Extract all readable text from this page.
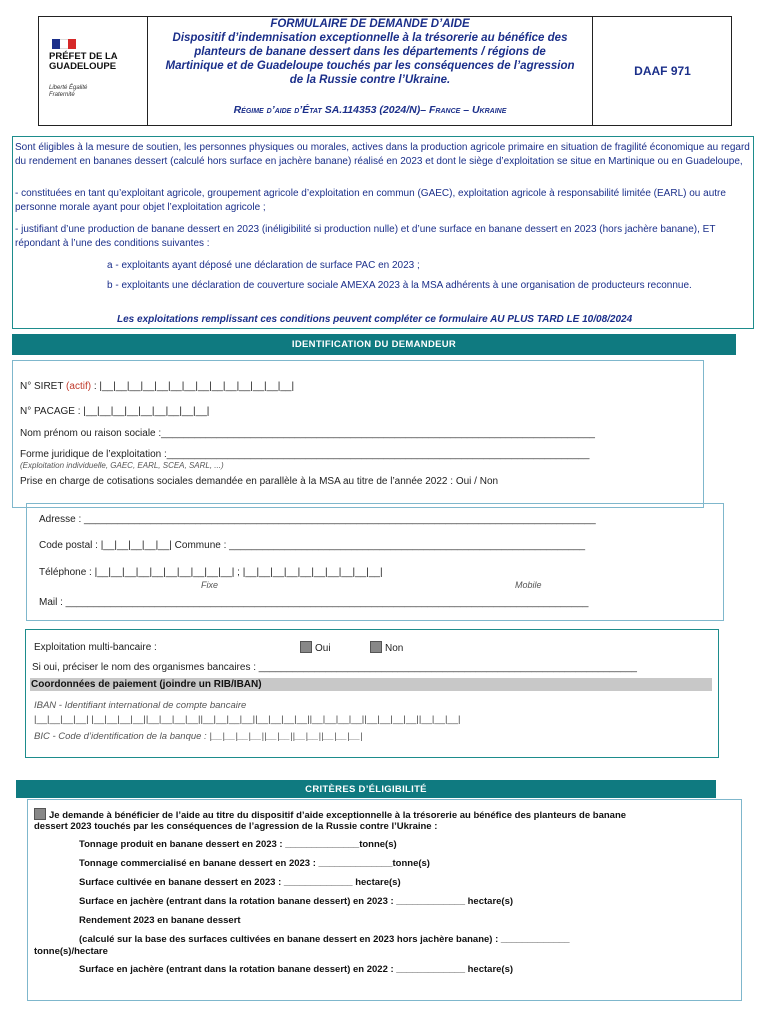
PRÉFET DE LA GUADELOUPE
Liberté Égalité Fraternité
FORMULAIRE DE DEMANDE D’AIDE
Dispositif d’indemnisation exceptionnelle à la trésorerie au bénéfice des
planteurs de banane dessert dans les départements / régions de
Martinique et de Guadeloupe touchés par les conséquences de l’agression
de la Russie contre l’Ukraine.
Régime d’aide d’État SA.114353 (2024/N)– France – Ukraine
DAAF 971

Sont éligibles à la mesure de soutien, les personnes physiques ou morales, actives dans la production agricole primaire en situation de fragilité économique au regard du rendement en bananes dessert (calculé hors surface en jachère banane) réalisé en 2023 et dont le siège d’exploitation se situe en Martinique ou en Guadeloupe,

- constituées en tant qu’exploitant agricole, groupement agricole d’exploitation en commun (GAEC), exploitation agricole à responsabilité limitée (EARL) ou autre personne morale ayant pour objet l’exploitation agricole ;

- justifiant d’une production de banane dessert en 2023 (inéligibilité si production nulle) et d’une surface en banane dessert en 2023 (hors jachère banane), ET répondant à l’une des conditions suivantes :

a - exploitants ayant déposé une déclaration de surface PAC en 2023 ;

b - exploitants une déclaration de couverture sociale AMEXA 2023 à la MSA adhérents à une organisation de producteurs reconnue.

Les exploitations remplissant ces conditions peuvent compléter ce formulaire AU PLUS TARD LE 10/08/2024

IDENTIFICATION DU DEMANDEUR
N° SIRET (actif) : |__|__|__|__|__|__|__|__|__|__|__|__|__|__|
N° PACAGE : |__|__|__|__|__|__|__|__|__|
Nom prénom ou raison sociale :______________________________________________________________________________
Forme juridique de l’exploitation :____________________________________________________________________________
(Exploitation individuelle, GAEC, EARL, SCEA, SARL, ...)
Prise en charge de cotisations sociales demandée en parallèle à la MSA au titre de l’année 2022 : Oui / Non
Adresse : ____________________________________________________________________________________________
Code postal : |__|__|__|__|__| Commune : ________________________________________________________________
Téléphone : |__|__|__|__|__|__|__|__|__|__| ; |__|__|__|__|__|__|__|__|__|__|
Fixe	Mobile
Mail : ______________________________________________________________________________________________
Exploitation multi-bancaire :	Oui	Non
Si oui, préciser le nom des organismes bancaires : ____________________________________________________________________
Coordonnées de paiement (joindre un RIB/IBAN)
IBAN - Identifiant international de compte bancaire
|__|__|__|__| |__|__|__|__||__|__|__|__||__|__|__|__||__|__|__|__||__|__|__|__||__|__|__|__||__|__|__|
BIC - Code d’identification de la banque : |__|__|__|__||__|__||__|__||__|__|__|
CRITÈRES D’ÉLIGIBILITÉ
Je demande à bénéficier de l’aide au titre du dispositif d’aide exceptionnelle à la trésorerie au bénéfice des planteurs de banane
dessert 2023 touchés par les conséquences de l’agression de la Russie contre l’Ukraine :
Tonnage produit en banane dessert en 2023 : ______________tonne(s)
Tonnage commercialisé en banane dessert en 2023 : ______________tonne(s)
Surface cultivée en banane dessert en 2023 : _____________ hectare(s)
Surface en jachère (entrant dans la rotation banane dessert) en 2023 : _____________ hectare(s)
Rendement 2023 en banane dessert
(calculé sur la base des surfaces cultivées en banane dessert en 2023 hors jachère banane) : _____________
tonne(s)/hectare
Surface en jachère (entrant dans la rotation banane dessert) en 2022 : _____________ hectare(s)
